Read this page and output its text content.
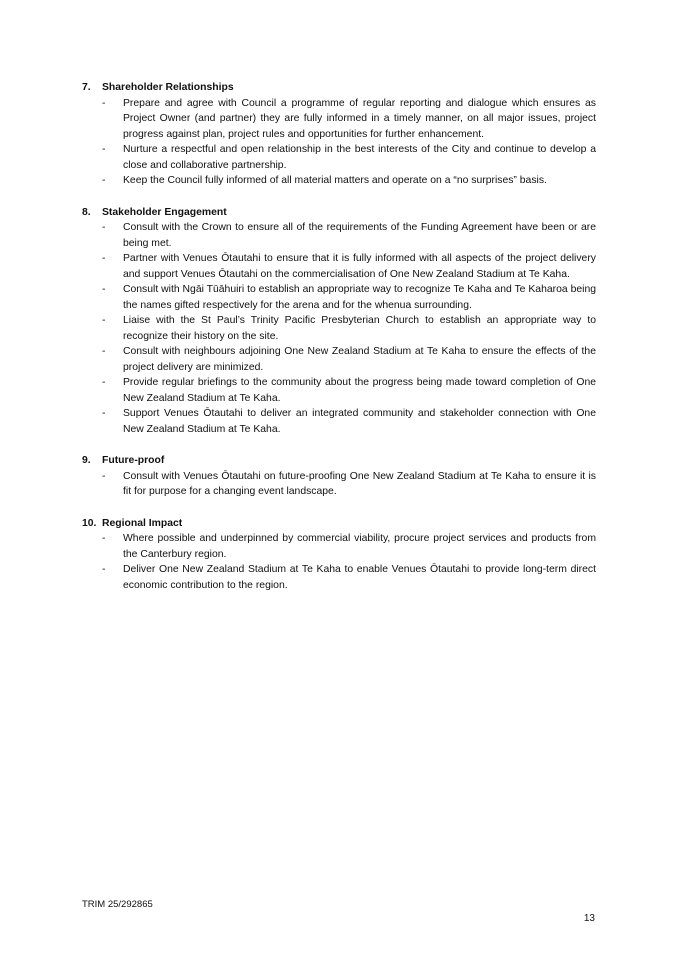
7.	Shareholder Relationships
-	Prepare and agree with Council a programme of regular reporting and dialogue which ensures as Project Owner (and partner) they are fully informed in a timely manner, on all major issues, project progress against plan, project rules and opportunities for further enhancement.
-	Nurture a respectful and open relationship in the best interests of the City and continue to develop a close and collaborative partnership.
-	Keep the Council fully informed of all material matters and operate on a “no surprises” basis.
8.	Stakeholder Engagement
-	Consult with the Crown to ensure all of the requirements of the Funding Agreement have been or are being met.
-	Partner with Venues Ōtautahi to ensure that it is fully informed with all aspects of the project delivery and support Venues Ōtautahi on the commercialisation of One New Zealand Stadium at Te Kaha.
-	Consult with Ngāi Tūāhuiri to establish an appropriate way to recognize Te Kaha and Te Kaharoa being the names gifted respectively for the arena and for the whenua surrounding.
-	Liaise with the St Paul’s Trinity Pacific Presbyterian Church to establish an appropriate way to recognize their history on the site.
-	Consult with neighbours adjoining One New Zealand Stadium at Te Kaha to ensure the effects of the project delivery are minimized.
-	Provide regular briefings to the community about the progress being made toward completion of One New Zealand Stadium at Te Kaha.
-	Support Venues Ōtautahi to deliver an integrated community and stakeholder connection with One New Zealand Stadium at Te Kaha.
9.	Future-proof
-	Consult with Venues Ōtautahi on future-proofing One New Zealand Stadium at Te Kaha to ensure it is fit for purpose for a changing event landscape.
10. Regional Impact
-	Where possible and underpinned by commercial viability, procure project services and products from the Canterbury region.
-	Deliver One New Zealand Stadium at Te Kaha to enable Venues Ōtautahi to provide long-term direct economic contribution to the region.
TRIM 25/292865
13
